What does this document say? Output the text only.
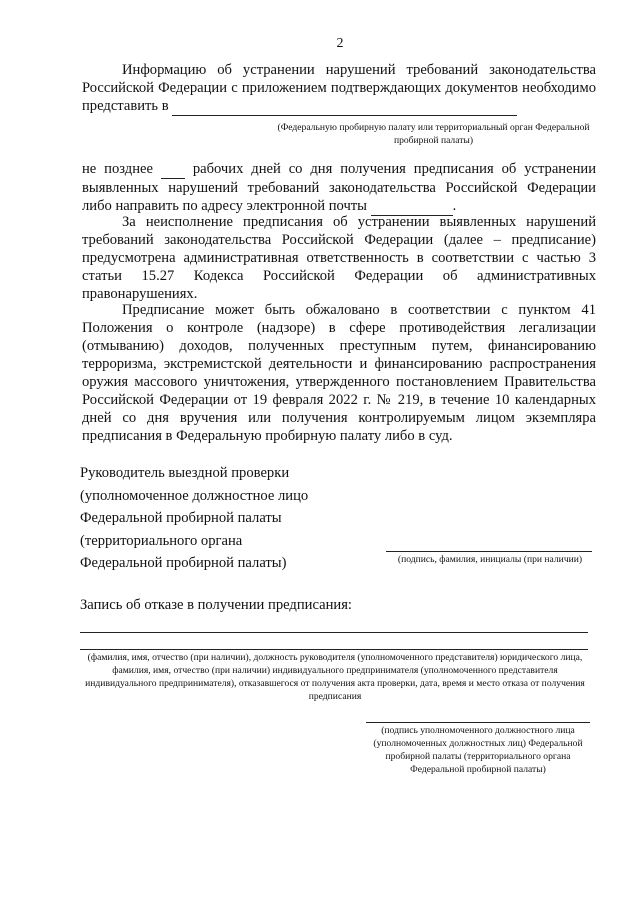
2
Информацию об устранении нарушений требований законодательства Российской Федерации с приложением подтверждающих документов необходимо представить в
(Федеральную пробирную палату или территориальный орган Федеральной пробирной палаты)
не позднее	рабочих дней со дня получения предписания об устранении выявленных нарушений требований законодательства Российской Федерации либо направить по адресу электронной почты	.
За неисполнение предписания об устранении выявленных нарушений требований законодательства Российской Федерации (далее – предписание) предусмотрена административная ответственность в соответствии с частью 3 статьи 15.27 Кодекса Российской Федерации об административных правонарушениях.
Предписание может быть обжаловано в соответствии с пунктом 41 Положения о контроле (надзоре) в сфере противодействия легализации (отмыванию) доходов, полученных преступным путем, финансированию терроризма, экстремистской деятельности и финансированию распространения оружия массового уничтожения, утвержденного постановлением Правительства Российской Федерации от 19 февраля 2022 г. № 219, в течение 10 календарных дней со дня вручения или получения контролируемым лицом экземпляра предписания в Федеральную пробирную палату либо в суд.
Руководитель выездной проверки
(уполномоченное должностное лицо
Федеральной пробирной палаты
(территориального органа
Федеральной пробирной палаты)	(подпись, фамилия, инициалы (при наличии)
Запись об отказе в получении предписания:
(фамилия, имя, отчество (при наличии), должность руководителя (уполномоченного представителя) юридического лица, фамилия, имя, отчество (при наличии) индивидуального предпринимателя (уполномоченного представителя индивидуального предпринимателя), отказавшегося от получения акта проверки, дата, время и место отказа от получения предписания
(подпись уполномоченного должностного лица (уполномоченных должностных лиц) Федеральной пробирной палаты (территориального органа Федеральной пробирной палаты)
